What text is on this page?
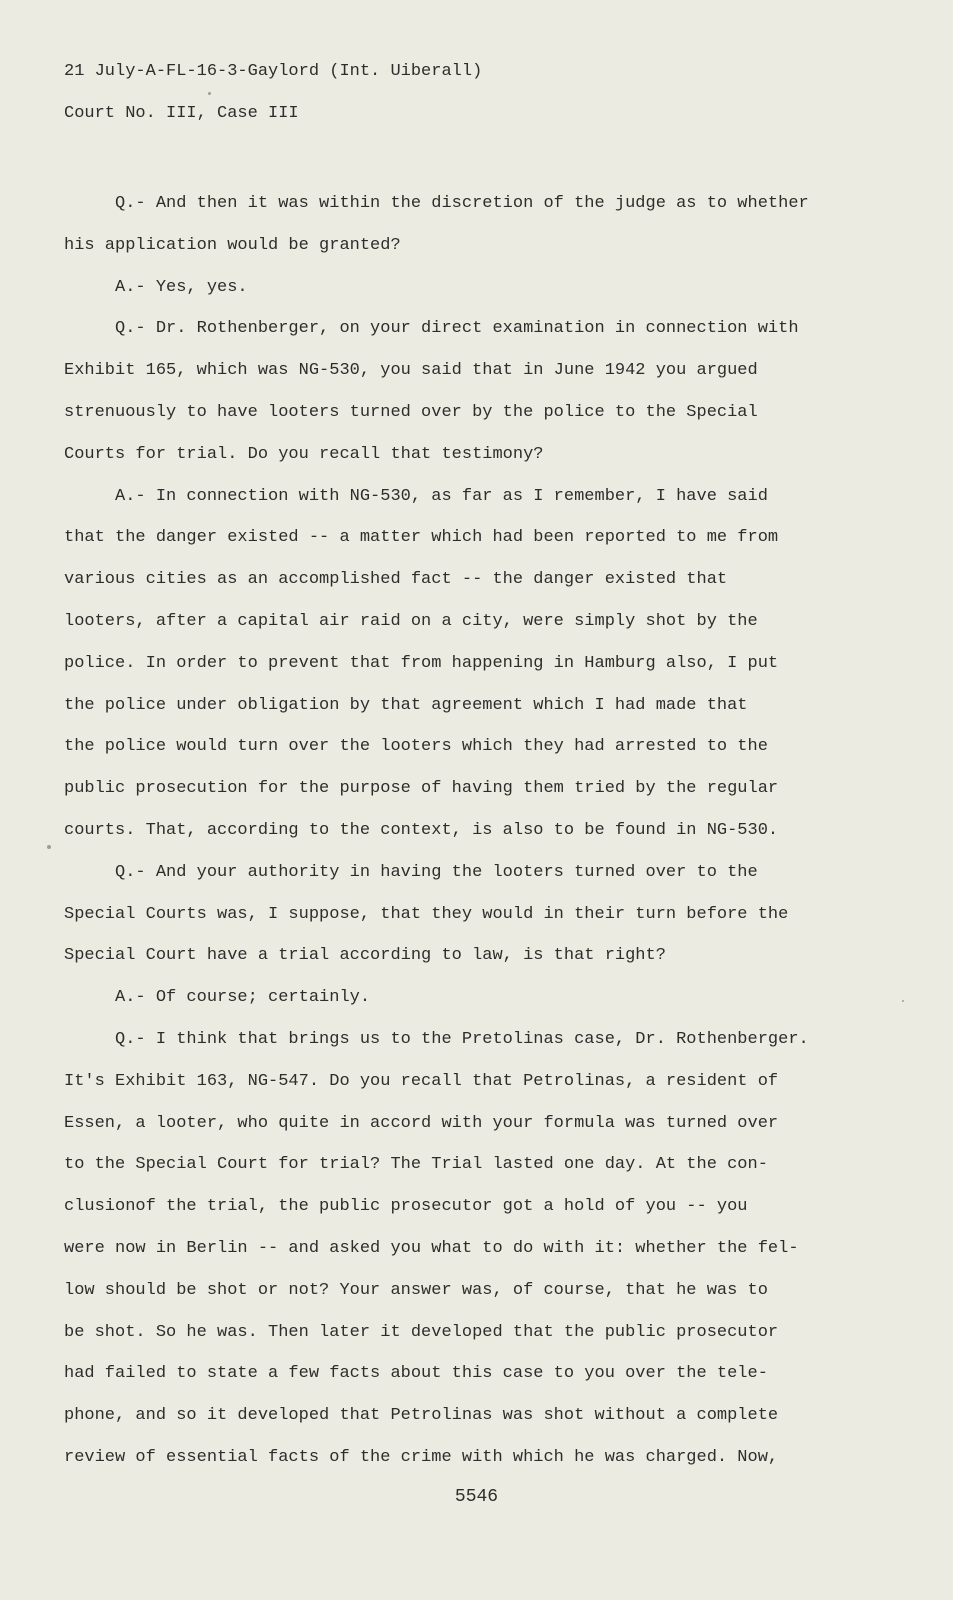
21 July-A-FL-16-3-Gaylord (Int. Uiberall)
Court No. III, Case III
Q.- And then it was within the discretion of the judge as to whether
his application would be granted?
A.- Yes, yes.
Q.- Dr. Rothenberger, on your direct examination in connection with
Exhibit 165, which was NG-530, you said that in June 1942 you argued
strenuously to have looters turned over by the police to the Special
Courts for trial. Do you recall that testimony?
A.- In connection with NG-530, as far as I remember, I have said
that the danger existed -- a matter which had been reported to me from
various cities as an accomplished fact -- the danger existed that
looters, after a capital air raid on a city, were simply shot by the
police. In order to prevent that from happening in Hamburg also, I put
the police under obligation by that agreement which I had made that
the police would turn over the looters which they had arrested to the
public prosecution for the purpose of having them tried by the regular
courts. That, according to the context, is also to be found in NG-530.
Q.- And your authority in having the looters turned over to the
Special Courts was, I suppose, that they would in their turn before the
Special Court have a trial according to law, is that right?
A.- Of course; certainly.
Q.- I think that brings us to the Pretolinas case, Dr. Rothenberger.
It's Exhibit 163, NG-547. Do you recall that Petrolinas, a resident of
Essen, a looter, who quite in accord with your formula was turned over
to the Special Court for trial? The Trial lasted one day. At the con-
clusionof the trial, the public prosecutor got a hold of you -- you
were now in Berlin -- and asked you what to do with it: whether the fel-
low should be shot or not? Your answer was, of course, that he was to
be shot. So he was. Then later it developed that the public prosecutor
had failed to state a few facts about this case to you over the tele-
phone, and so it developed that Petrolinas was shot without a complete
review of essential facts of the crime with which he was charged. Now,
5546
